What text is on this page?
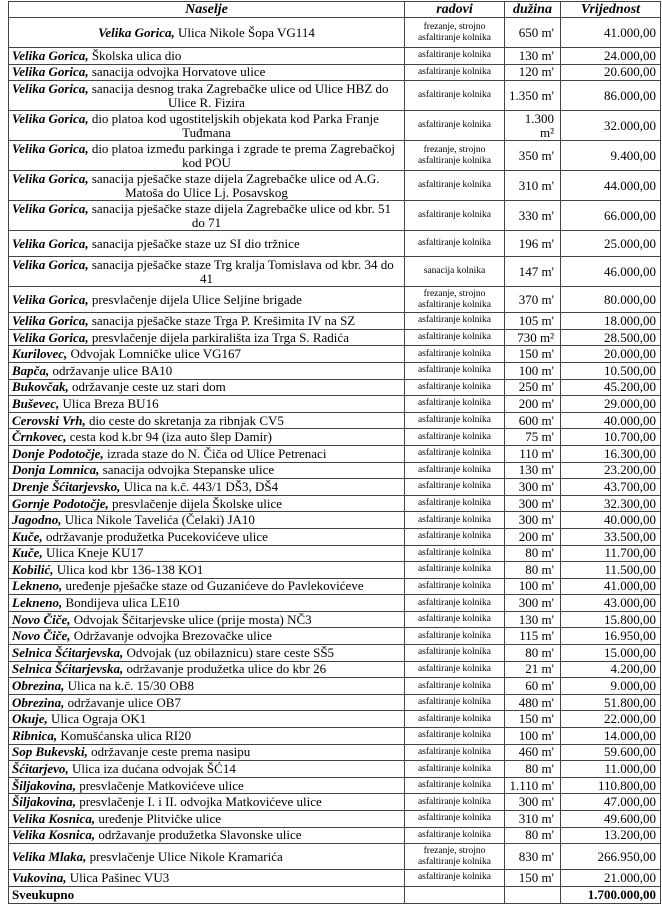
Naselje	radovi	dužina	Vrijednost
Velika Gorica, Ulica Nikole Šopa VG114	frezanje, strojno asfaltiranje kolnika	650 m'	41.000,00
Velika Gorica, Školska ulica dio	asfaltiranje kolnika	130 m'	24.000,00
Velika Gorica, sanacija odvojka Horvatove ulice	asfaltiranje kolnika	120 m'	20.600,00
Velika Gorica, sanacija desnog traka Zagrebačke ulice od Ulice HBZ do Ulice R. Fizira	asfaltiranje kolnika	1.350 m'	86.000,00
Velika Gorica, dio platoa kod ugostiteljskih objekata kod Parka Franje Tuđmana	asfaltiranje kolnika	1.300 m²	32.000,00
Velika Gorica, dio platoa između parkinga i zgrade te prema Zagrebačkoj kod POU	frezanje, strojno asfaltiranje kolnika	350 m'	9.400,00
Velika Gorica, sanacija pješačke staze dijela Zagrebačke ulice od A.G. Matoša do Ulice Lj. Posavskog	asfaltiranje kolnika	310 m'	44.000,00
Velika Gorica, sanacija pješačke staze dijela Zagrebačke ulice od kbr. 51 do 71	asfaltiranje kolnika	330 m'	66.000,00
Velika Gorica, sanacija pješačke staze uz SI dio tržnice	asfaltiranje kolnika	196 m'	25.000,00
Velika Gorica, sanacija pješačke staze Trg kralja Tomislava od kbr. 34 do 41	sanacija kolnika	147 m'	46.000,00
Velika Gorica, presvlačenje dijela Ulice Seljine brigade	frezanje, strojno asfaltiranje kolnika	370 m'	80.000,00
Velika Gorica, sanacija pješačke staze Trga P. Krešimita IV na SZ	asfaltiranje kolnika	105 m'	18.000,00
Velika Gorica, presvlačenje dijela parkirališta iza Trga S. Radića	asfaltiranje kolnika	730 m²	28.500,00
Kurilovec, Odvojak Lomničke ulice VG167	asfaltiranje kolnika	150 m'	20.000,00
Bapča, održavanje ulice BA10	asfaltiranje kolnika	100 m'	10.500,00
Bukovčak, održavanje ceste uz stari dom	asfaltiranje kolnika	250 m'	45.200,00
Buševec, Ulica Breza BU16	asfaltiranje kolnika	200 m'	29.000,00
Cerovski Vrh, dio ceste do skretanja za ribnjak CV5	asfaltiranje kolnika	600 m'	40.000,00
Črnkovec, cesta kod k.br 94 (iza auto šlep Damir)	asfaltiranje kolnika	75 m'	10.700,00
Donje Podotočje, izrada staze do N. Čiča od Ulice Petrenaci	asfaltiranje kolnika	110 m'	16.300,00
Donja Lomnica, sanacija odvojka Stepanske ulice	asfaltiranje kolnika	130 m'	23.200,00
Drenje Šćitarjevsko, Ulica na k.č. 443/1 DŠ3, DŠ4	asfaltiranje kolnika	300 m'	43.700,00
Gornje Podotočje, presvlačenje dijela Školske ulice	asfaltiranje kolnika	300 m'	32.300,00
Jagodno, Ulica Nikole Tavelića (Čelaki) JA10	asfaltiranje kolnika	300 m'	40.000,00
Kuče, održavanje produžetka Pucekovićeve ulice	asfaltiranje kolnika	200 m'	33.500,00
Kuče, Ulica Kneje KU17	asfaltiranje kolnika	80 m'	11.700,00
Kobilić, Ulica kod kbr 136-138 KO1	asfaltiranje kolnika	80 m'	11.500,00
Lekneno, uređenje pješačke staze od Guzanićeve do Pavlekovićeve	asfaltiranje kolnika	100 m'	41.000,00
Lekneno, Bondijeva ulica LE10	asfaltiranje kolnika	300 m'	43.000,00
Novo Čiče, Odvojak Ščitarjevske ulice (prije mosta) NČ3	asfaltiranje kolnika	130 m'	15.800,00
Novo Čiče, Održavanje odvojka Brezovačke ulice	asfaltiranje kolnika	115 m'	16.950,00
Selnica Šćitarjevska, Odvojak (uz obilaznicu) stare ceste SŠ5	asfaltiranje kolnika	80 m'	15.000,00
Selnica Šćitarjevska, održavanje produžetka ulice do kbr 26	asfaltiranje kolnika	21 m'	4.200,00
Obrezina, Ulica na k.č. 15/30 OB8	asfaltiranje kolnika	60 m'	9.000,00
Obrezina, održavanje ulice OB7	asfaltiranje kolnika	480 m'	51.800,00
Okuje, Ulica Ograja OK1	asfaltiranje kolnika	150 m'	22.000,00
Ribnica, Komušćanska ulica RI20	asfaltiranje kolnika	100 m'	14.000,00
Sop Bukevski, održavanje ceste prema nasipu	asfaltiranje kolnika	460 m'	59.600,00
Šćitarjevo, Ulica iza dućana odvojak ŠĆ14	asfaltiranje kolnika	80 m'	11.000,00
Šiljakovina, presvlačenje Matkovićeve ulice	asfaltiranje kolnika	1.110 m'	110.800,00
Šiljakovina, presvlačenje I. i II. odvojka Matkovićeve ulice	asfaltiranje kolnika	300 m'	47.000,00
Velika Kosnica, uređenje Plitvičke ulice	asfaltiranje kolnika	310 m'	49.600,00
Velika Kosnica, održavanje produžetka Slavonske ulice	asfaltiranje kolnika	80 m'	13.200,00
Velika Mlaka, presvlačenje Ulice Nikole Kramarića	frezanje, strojno asfaltiranje kolnika	830 m'	266.950,00
Vukovina, Ulica Pašinec VU3	asfaltiranje kolnika	150 m'	21.000,00
Sveukupno			1.700.000,00
